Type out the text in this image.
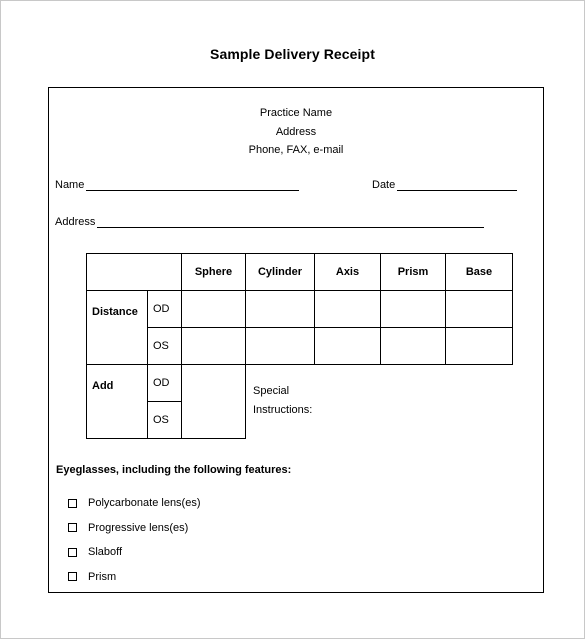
Sample Delivery Receipt
Practice Name
Address
Phone, FAX, e-mail
Name	Date
Address
		Sphere	Cylinder	Axis	Prism	Base
Distance	OD					
	OS					
Add	OD					
	OS					
Special
Instructions:
Eyeglasses, including the following features:
Polycarbonate lens(es)
Progressive lens(es)
Slaboff
Prism
